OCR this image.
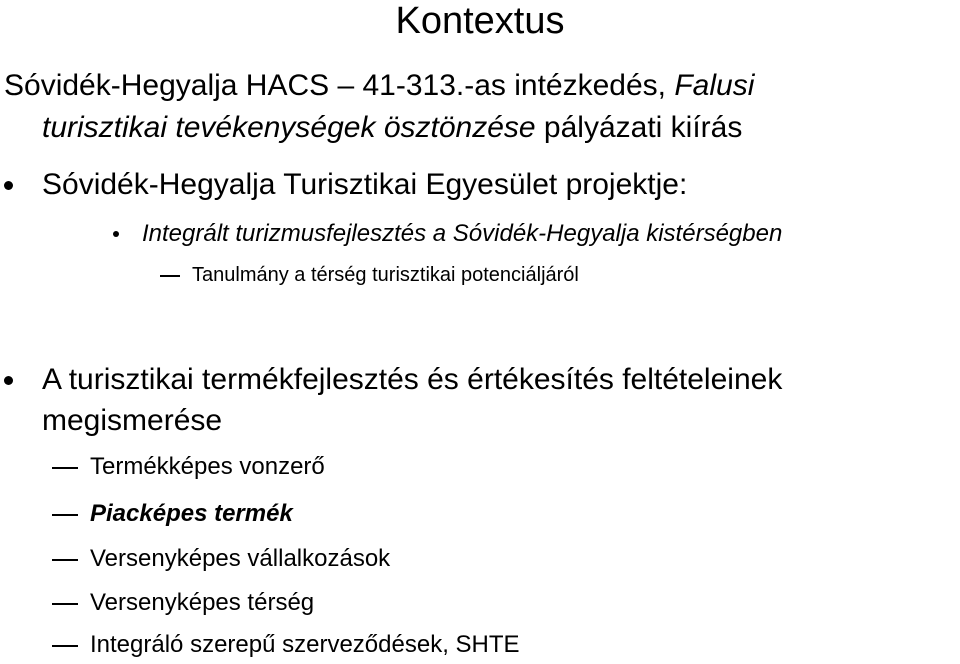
Kontextus
Sóvidék-Hegyalja HACS – 41-313.-as intézkedés, Falusi
turisztikai tevékenységek ösztönzése pályázati kiírás
Sóvidék-Hegyalja Turisztikai Egyesület projektje:
Integrált turizmusfejlesztés a Sóvidék-Hegyalja kistérségben
Tanulmány a térség turisztikai potenciáljáról
A turisztikai termékfejlesztés és értékesítés feltételeinek
megismerése
Termékképes vonzerő
Piacképes termék
Versenyképes vállalkozások
Versenyképes térség
Integráló szerepű szerveződések, SHTE
